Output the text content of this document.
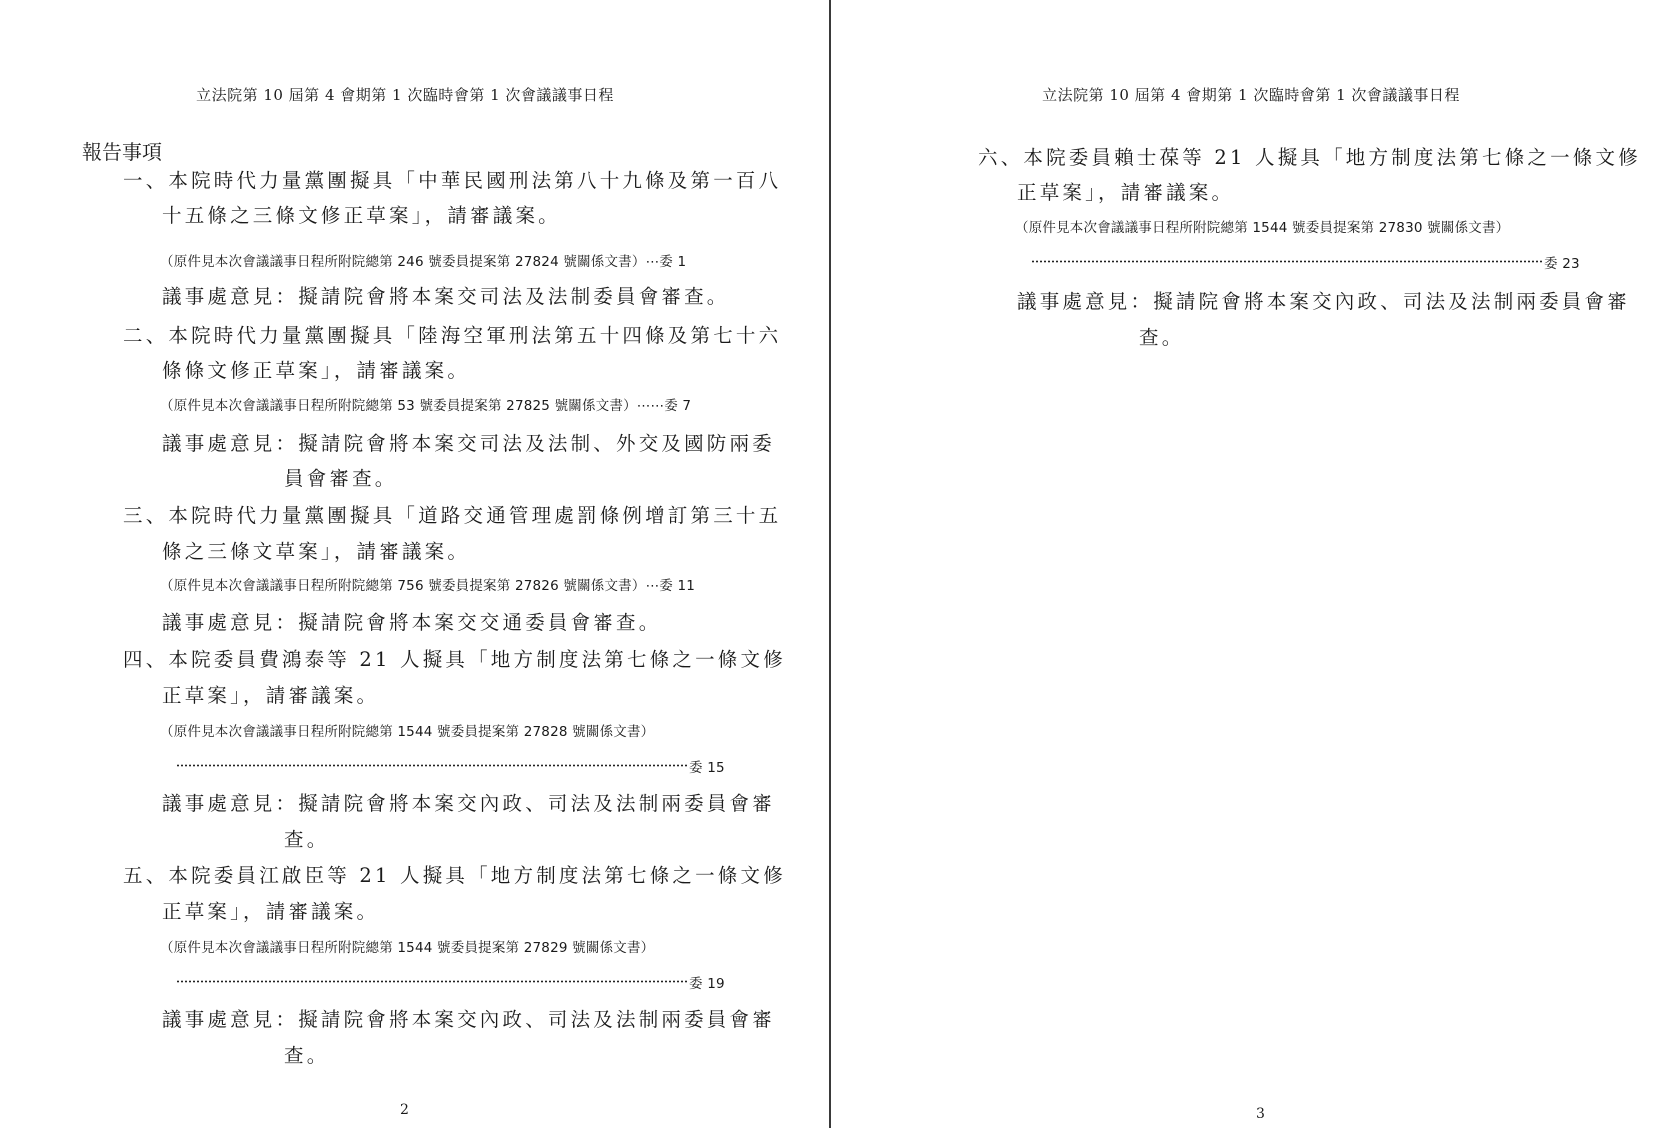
立法院第 10 屆第 4 會期第 1 次臨時會第 1 次會議議事日程
報告事項
一、本院時代力量黨團擬具「中華民國刑法第八十九條及第一百八
十五條之三條文修正草案」，請審議案。
（原件見本次會議議事日程所附院總第 246 號委員提案第 27824 號關係文書）⋯委 1
議事處意見：擬請院會將本案交司法及法制委員會審查。
二、本院時代力量黨團擬具「陸海空軍刑法第五十四條及第七十六
條條文修正草案」，請審議案。
（原件見本次會議議事日程所附院總第 53 號委員提案第 27825 號關係文書）⋯⋯委 7
議事處意見：擬請院會將本案交司法及法制、外交及國防兩委
員會審查。
三、本院時代力量黨團擬具「道路交通管理處罰條例增訂第三十五
條之三條文草案」，請審議案。
（原件見本次會議議事日程所附院總第 756 號委員提案第 27826 號關係文書）⋯委 11
議事處意見：擬請院會將本案交交通委員會審查。
四、本院委員費鴻泰等 21 人擬具「地方制度法第七條之一條文修
正草案」，請審議案。
（原件見本次會議議事日程所附院總第 1544 號委員提案第 27828 號關係文書）
委 15
議事處意見：擬請院會將本案交內政、司法及法制兩委員會審
查。
五、本院委員江啟臣等 21 人擬具「地方制度法第七條之一條文修
正草案」，請審議案。
（原件見本次會議議事日程所附院總第 1544 號委員提案第 27829 號關係文書）
委 19
議事處意見：擬請院會將本案交內政、司法及法制兩委員會審
查。
2
立法院第 10 屆第 4 會期第 1 次臨時會第 1 次會議議事日程
六、本院委員賴士葆等 21 人擬具「地方制度法第七條之一條文修
正草案」，請審議案。
（原件見本次會議議事日程所附院總第 1544 號委員提案第 27830 號關係文書）
委 23
議事處意見：擬請院會將本案交內政、司法及法制兩委員會審
查。
3
